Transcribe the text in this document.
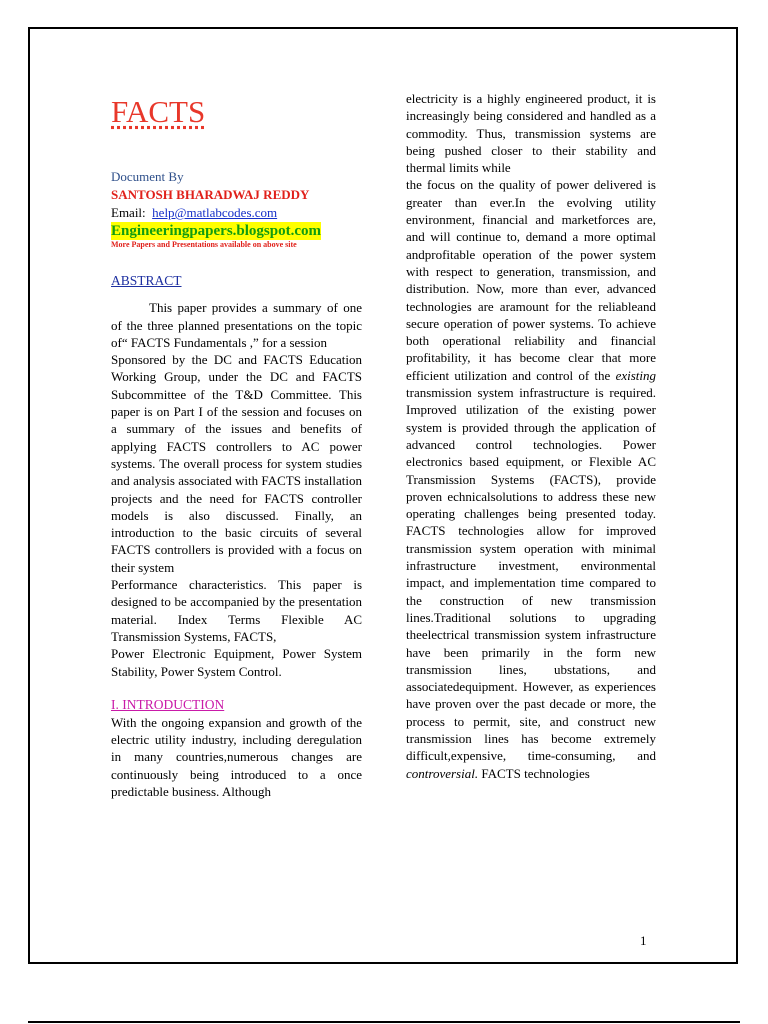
FACTS
Document By
SANTOSH BHARADWAJ REDDY
Email: help@matlabcodes.com
Engineeringpapers.blogspot.com
More Papers and Presentations available on above site
ABSTRACT

This paper provides a summary of one of the three planned presentations on the topic of“ FACTS Fundamentals ,” for a session

Sponsored by the DC and FACTS Education Working Group, under the DC and FACTS Subcommittee of the T&D Committee. This paper is on Part I of the session and focuses on a summary of the issues and benefits of applying FACTS controllers to AC power systems. The overall process for system studies and analysis associated with FACTS installation projects and the need for FACTS controller models is also discussed. Finally, an introduction to the basic circuits of several FACTS controllers is provided with a focus on their system

Performance characteristics. This paper is designed to be accompanied by the presentation material. Index Terms Flexible AC Transmission Systems, FACTS,

Power Electronic Equipment, Power System Stability, Power System Control.

I. INTRODUCTION

With the ongoing expansion and growth of the electric utility industry, including deregulation in many countries,numerous changes are continuously being introduced to a once predictable business. Although

electricity is a highly engineered product, it is increasingly being considered and handled as a commodity. Thus, transmission systems are being pushed closer to their stability and thermal limits while

the focus on the quality of power delivered is greater than ever.In the evolving utility environment, financial and marketforces are, and will continue to, demand a more optimal andprofitable operation of the power system with respect to generation, transmission, and distribution. Now, more than ever, advanced technologies are aramount for the reliableand secure operation of power systems. To achieve both operational reliability and financial profitability, it has become clear that more efficient utilization and control of the existing transmission system infrastructure is required. Improved utilization of the existing power system is provided through the application of advanced control technologies. Power electronics based equipment, or Flexible AC Transmission Systems (FACTS), provide proven echnicalsolutions to address these new operating challenges being presented today. FACTS technologies allow for improved transmission system operation with minimal infrastructure investment, environmental impact, and implementation time compared to the construction of new transmission lines.Traditional solutions to upgrading theelectrical transmission system infrastructure have been primarily in the form new transmission lines, ubstations, and associatedequipment. However, as experiences have proven over the past decade or more, the process to permit, site, and construct new transmission lines has become extremely difficult,expensive, time-consuming, and controversial. FACTS technologies

1
